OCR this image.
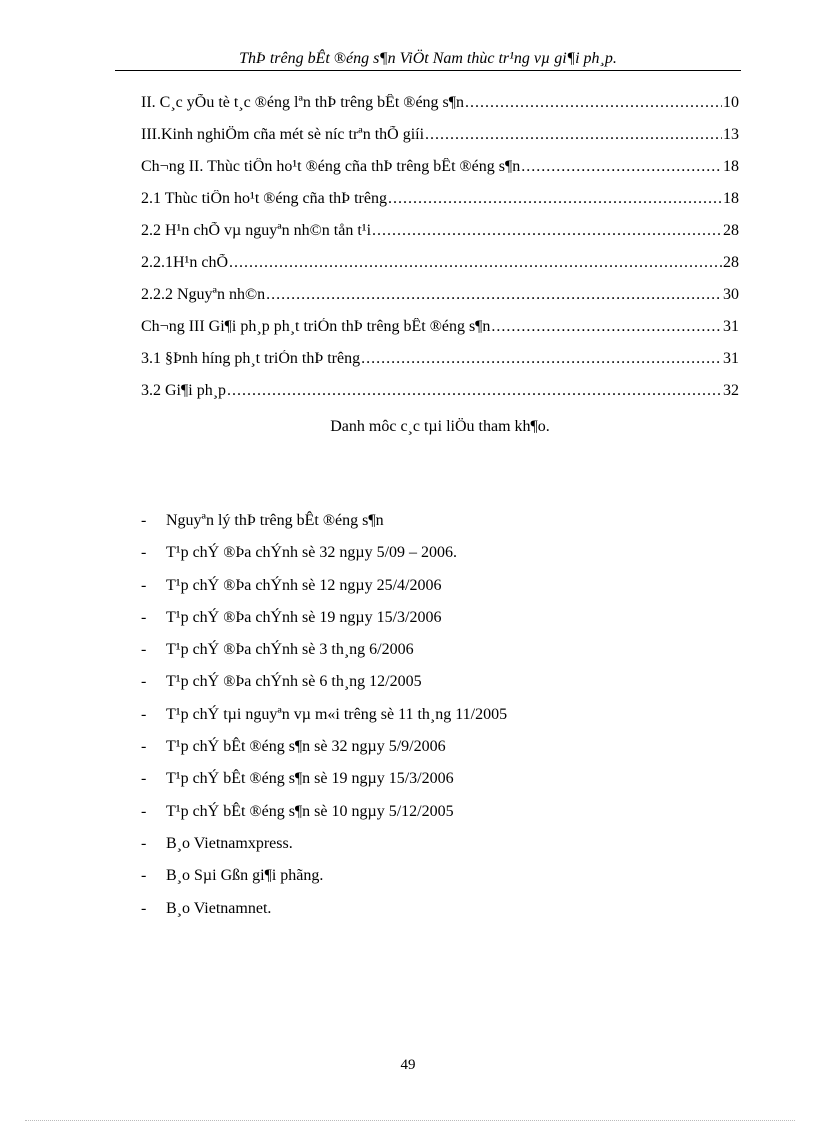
ThÞ trêng bÊt ®éng s¶n ViÖt Nam thùc tr¹ng vµ gi¶i ph¸p.
II. C¸c yÕu tè t¸c ®éng lªn thÞ trêng bÊt ®éng s¶n .....	10
III.Kinh nghiÖm cña mét sè níc trªn thÕ giíi .....	13
Ch¬ng II. Thùc tiÔn ho¹t ®éng cña thÞ trêng bÊt ®éng s¶n .....	18
2.1 Thùc tiÔn ho¹t ®éng cña thÞ trêng .....	18
2.2 H¹n chÕ vµ nguyªn nh©n tån t¹i .....	28
2.2.1H¹n chÕ .....	28
2.2.2 Nguyªn nh©n .....	30
Ch¬ng III Gi¶i ph¸p ph¸t triÓn thÞ trêng bÊt ®éng s¶n .....	31
3.1 §Þnh híng ph¸t triÓn thÞ trêng .....	31
3.2 Gi¶i ph¸p .....	32
Danh môc c¸c tµi liÖu tham kh¶o.
-	Nguyªn lý thÞ trêng bÊt ®éng s¶n
-	T¹p chÝ ®Þa chÝnh sè 32 ngµy 5/09 – 2006.
-	T¹p chÝ ®Þa chÝnh sè 12 ngµy 25/4/2006
-	T¹p chÝ ®Þa chÝnh sè 19 ngµy 15/3/2006
-	T¹p chÝ ®Þa chÝnh sè 3 th¸ng 6/2006
-	T¹p chÝ ®Þa chÝnh sè 6 th¸ng 12/2005
-	T¹p chÝ tµi nguyªn vµ m«i trêng sè 11 th¸ng 11/2005
-	T¹p chÝ bÊt ®éng s¶n sè 32 ngµy 5/9/2006
-	T¹p chÝ bÊt ®éng s¶n sè 19 ngµy 15/3/2006
-	T¹p chÝ bÊt ®éng s¶n sè 10 ngµy 5/12/2005
-	B¸o Vietnamxpress.
-	B¸o Sµi Gßn gi¶i phãng.
-	B¸o Vietnamnet.
49
